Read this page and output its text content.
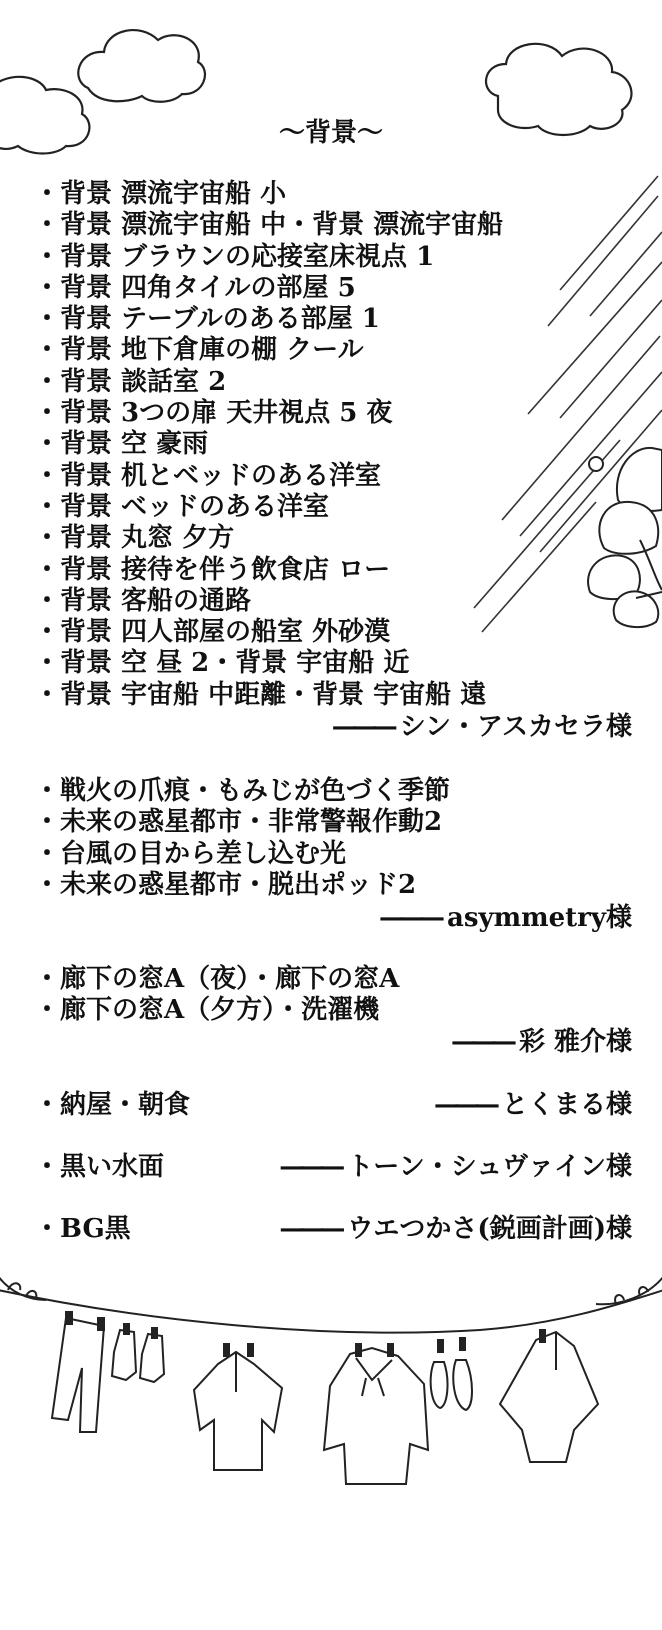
～背景～
・ 背景 漂流宇宙船 小
・ 背景 漂流宇宙船 中・背景 漂流宇宙船
・ 背景 ブラウンの応接室床視点 1
・ 背景 四角タイルの部屋 5
・ 背景 テーブルのある部屋 1
・ 背景 地下倉庫の棚 クール
・ 背景 談話室 2
・ 背景 3つの扉 天井視点 5 夜
・ 背景 空 豪雨
・ 背景 机とベッドのある洋室
・ 背景 ベッドのある洋室
・ 背景 丸窓 夕方
・ 背景 接待を伴う飲食店 ロー
・ 背景 客船の通路
・ 背景 四人部屋の船室 外砂漠
・ 背景 空 昼 2・背景 宇宙船 近
・ 背景 宇宙船 中距離・背景 宇宙船 遠
——— シン・アスカセラ様
・ 戦火の爪痕・もみじが色づく季節
・ 未来の惑星都市・非常警報作動2
・ 台風の目から差し込む光
・ 未来の惑星都市・脱出ポッド2
——— asymmetry様
・ 廊下の窓A（夜）・廊下の窓A
・ 廊下の窓A（夕方）・洗濯機
——— 彩 雅介様
・ 納屋・朝食	——— とくまる様
・ 黒い水面	——— トーン・シュヴァイン様
・ BG黒	——— ウエつかさ(鋭画計画)様
